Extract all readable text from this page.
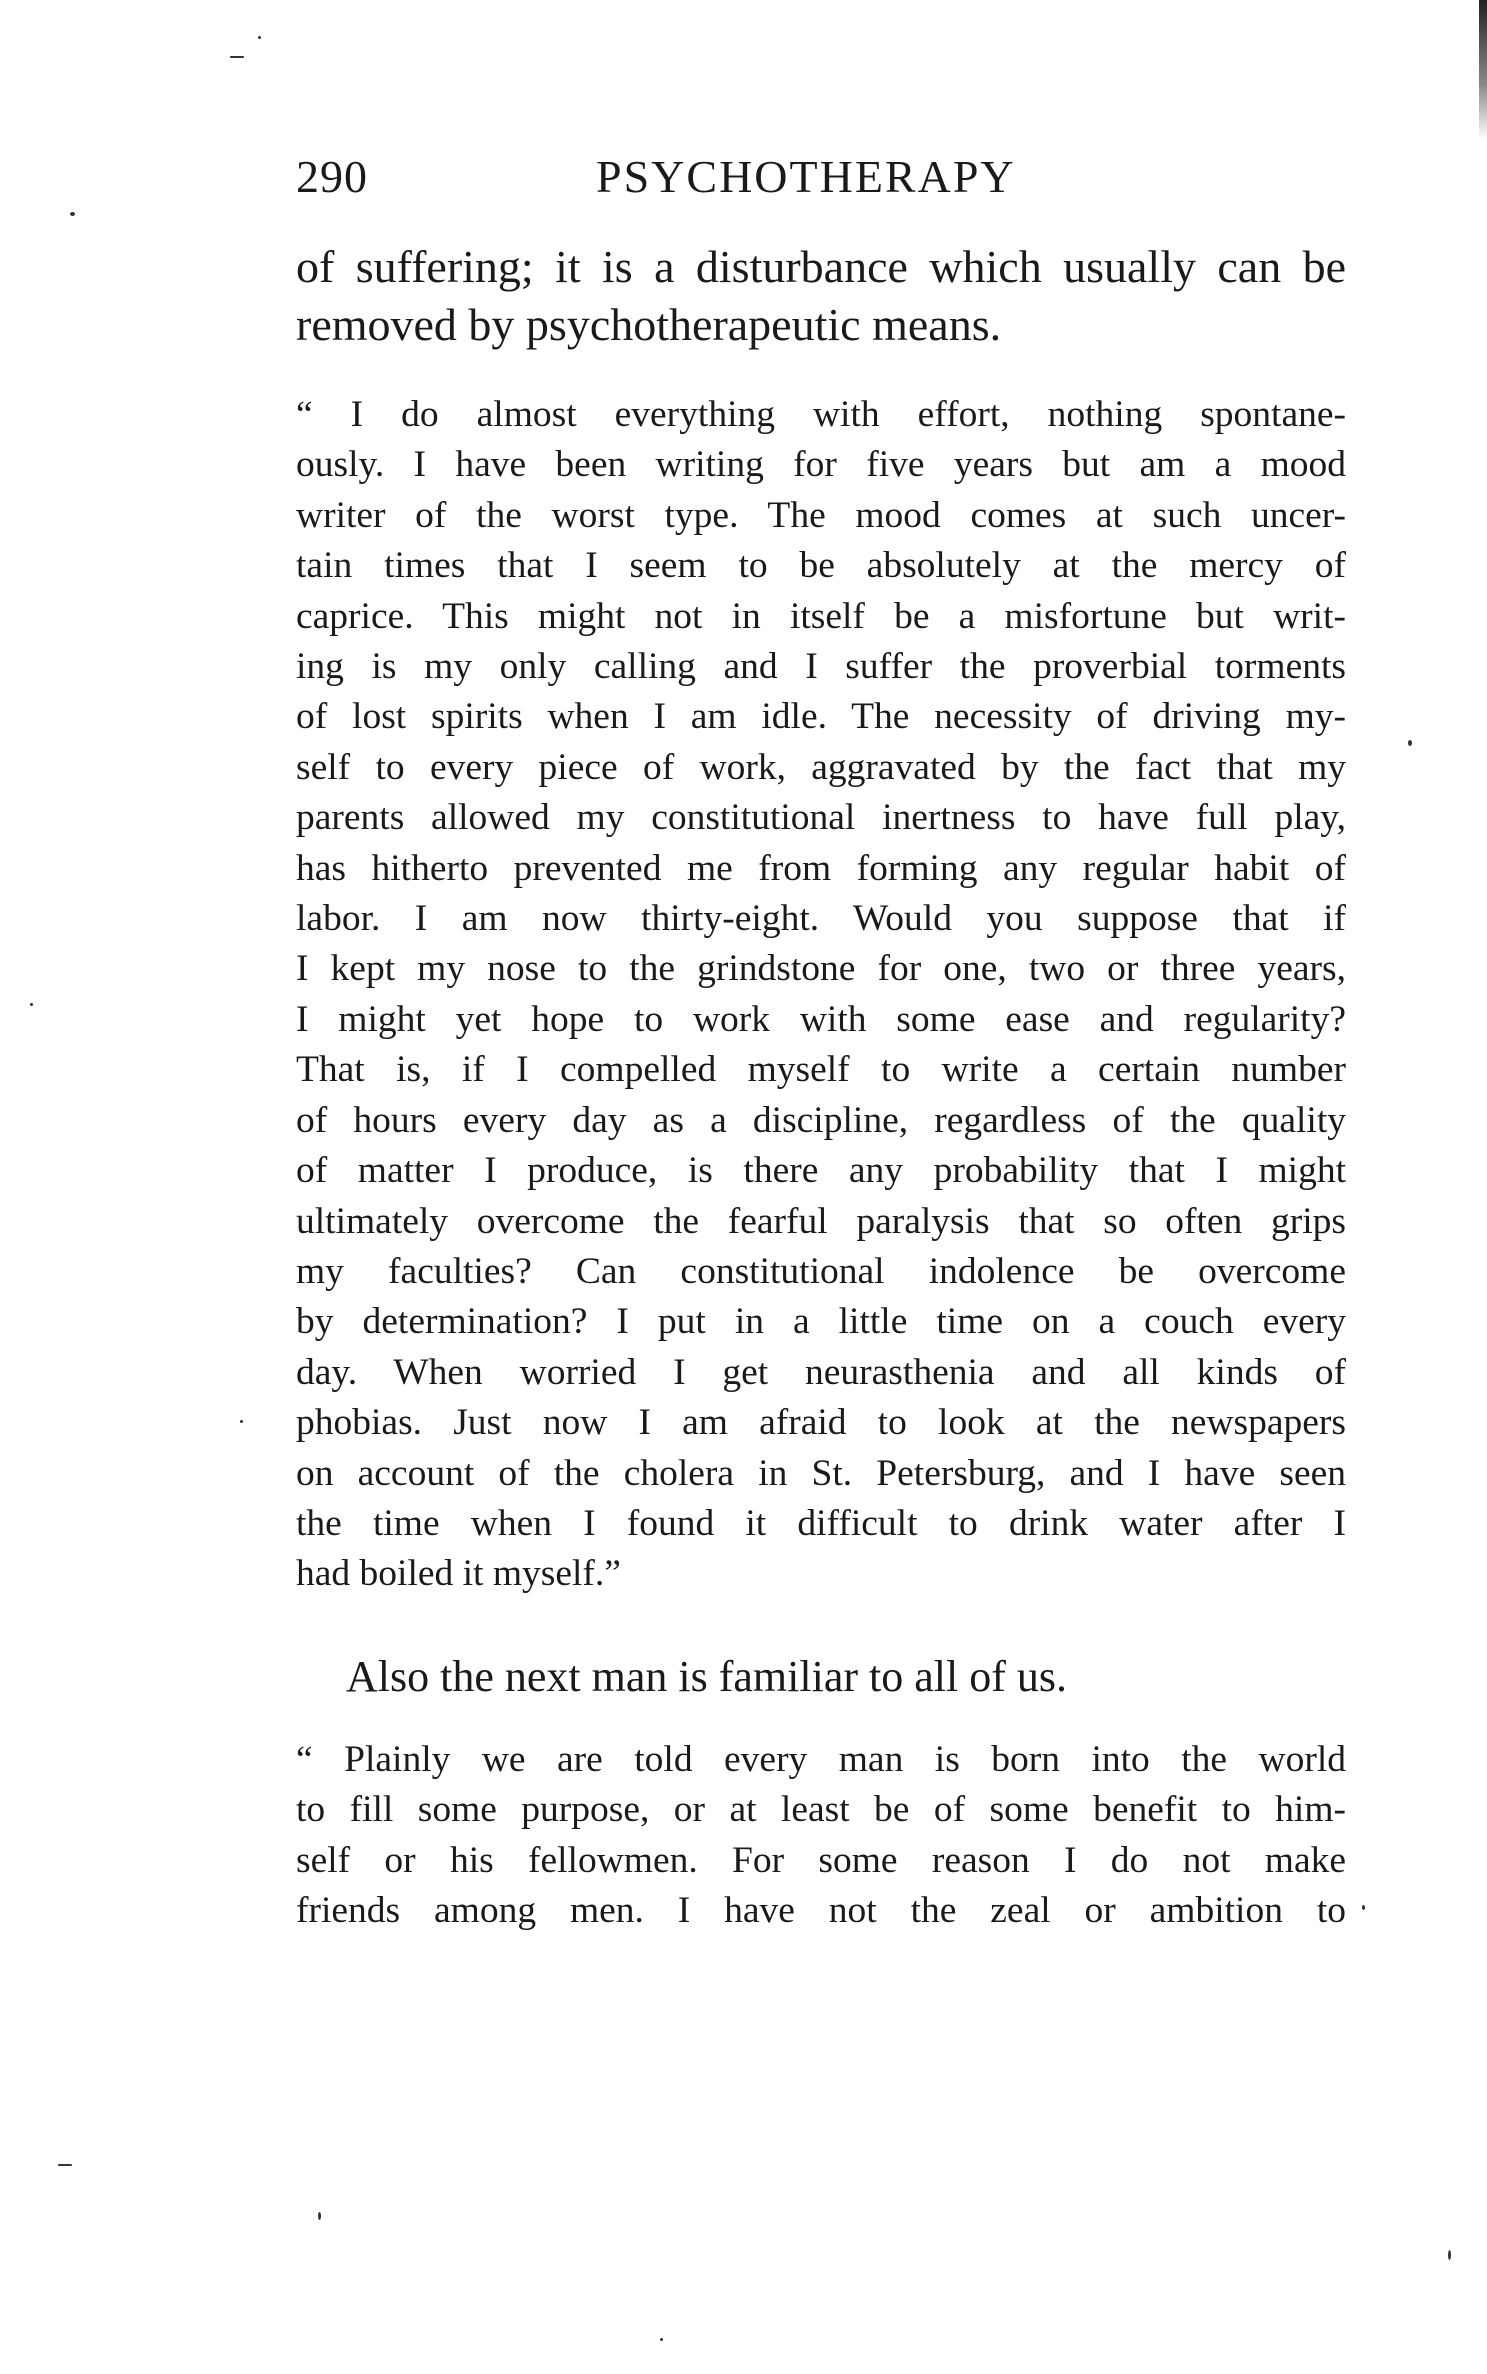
290	PSYCHOTHERAPY
of suffering; it is a disturbance which usually can be
removed by psychotherapeutic means.
“ I do almost everything with effort, nothing spontane-
ously. I have been writing for five years but am a mood
writer of the worst type. The mood comes at such uncer-
tain times that I seem to be absolutely at the mercy of
caprice. This might not in itself be a misfortune but writ-
ing is my only calling and I suffer the proverbial torments
of lost spirits when I am idle. The necessity of driving my-
self to every piece of work, aggravated by the fact that my
parents allowed my constitutional inertness to have full play,
has hitherto prevented me from forming any regular habit of
labor. I am now thirty-eight. Would you suppose that if
I kept my nose to the grindstone for one, two or three years,
I might yet hope to work with some ease and regularity?
That is, if I compelled myself to write a certain number
of hours every day as a discipline, regardless of the quality
of matter I produce, is there any probability that I might
ultimately overcome the fearful paralysis that so often grips
my faculties? Can constitutional indolence be overcome
by determination? I put in a little time on a couch every
day. When worried I get neurasthenia and all kinds of
phobias. Just now I am afraid to look at the newspapers
on account of the cholera in St. Petersburg, and I have seen
the time when I found it difficult to drink water after I
had boiled it myself.”
Also the next man is familiar to all of us.
“ Plainly we are told every man is born into the world
to fill some purpose, or at least be of some benefit to him-
self or his fellowmen. For some reason I do not make
friends among men. I have not the zeal or ambition to
